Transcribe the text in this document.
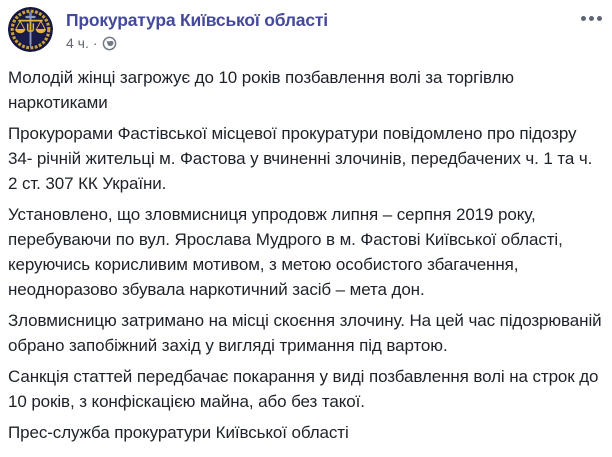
Прокуратура Київської області
4 ч. ·

Молодій жінці загрожує до 10 років позбавлення волі за торгівлю наркотиками

Прокурорами Фастівської місцевої прокуратури повідомлено про підозру 34- річній жительці м. Фастова у вчиненні злочинів, передбачених ч. 1 та ч. 2 ст. 307 КК України.

Установлено, що зловмисниця упродовж липня – серпня 2019 року, перебуваючи по вул. Ярослава Мудрого в м. Фастові Київської області, керуючись корисливим мотивом, з метою особистого збагачення, неодноразово збувала наркотичний засіб – мета дон.

Зловмисницю затримано на місці скоєння злочину. На цей час підозрюваній обрано запобіжний захід у вигляді тримання під вартою.

Санкція статтей передбачає покарання у виді позбавлення волі на строк до 10 років, з конфіскацією майна, або без такої.

Прес-служба прокуратури Київської області
